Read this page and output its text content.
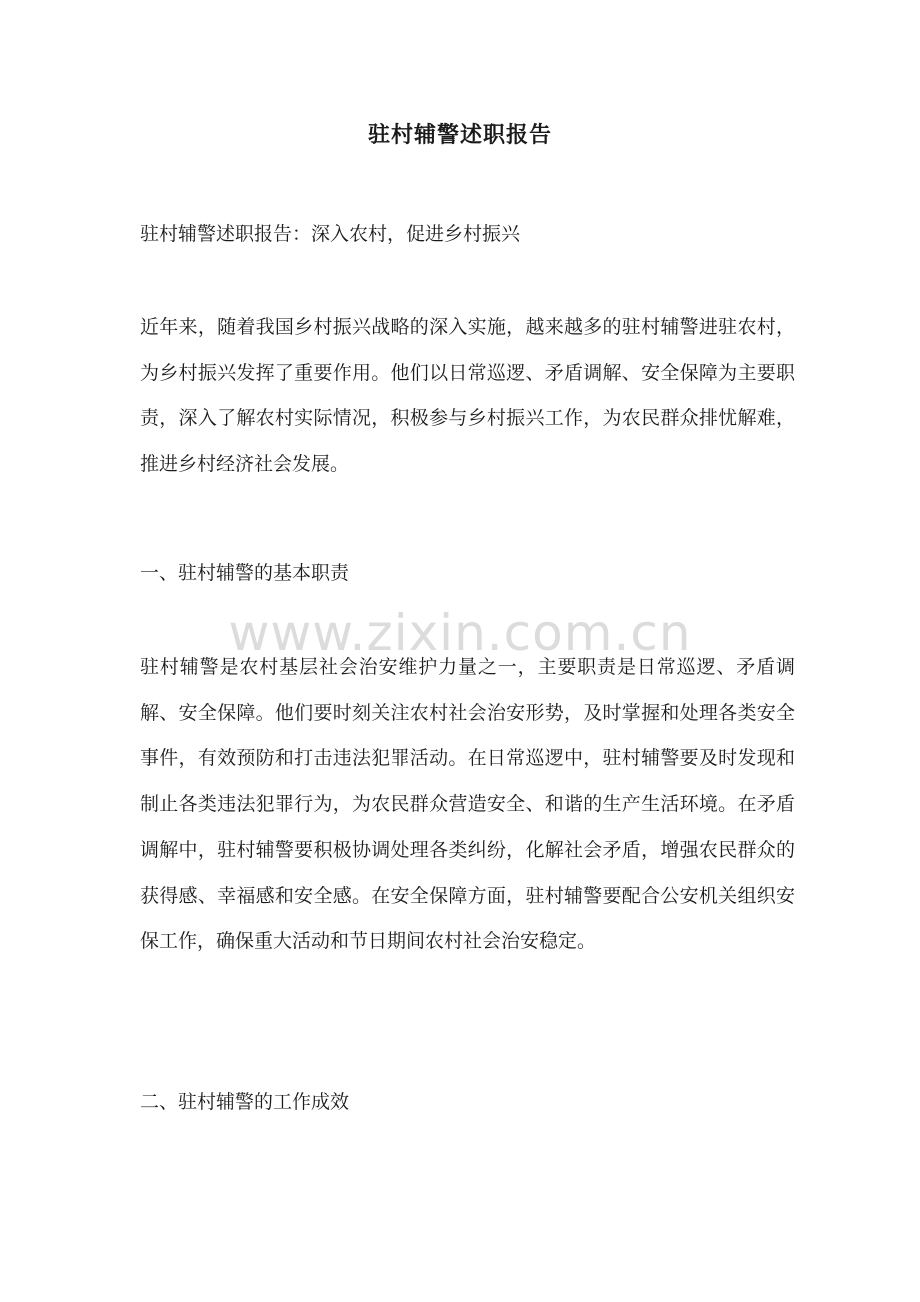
驻村辅警述职报告
驻村辅警述职报告：深入农村，促进乡村振兴
近年来，随着我国乡村振兴战略的深入实施，越来越多的驻村辅警进驻农村，为乡村振兴发挥了重要作用。他们以日常巡逻、矛盾调解、安全保障为主要职责，深入了解农村实际情况，积极参与乡村振兴工作，为农民群众排忧解难，推进乡村经济社会发展。
一、驻村辅警的基本职责
www.zixin.com.cn
驻村辅警是农村基层社会治安维护力量之一，主要职责是日常巡逻、矛盾调解、安全保障。他们要时刻关注农村社会治安形势，及时掌握和处理各类安全事件，有效预防和打击违法犯罪活动。在日常巡逻中，驻村辅警要及时发现和制止各类违法犯罪行为，为农民群众营造安全、和谐的生产生活环境。在矛盾调解中，驻村辅警要积极协调处理各类纠纷，化解社会矛盾，增强农民群众的获得感、幸福感和安全感。在安全保障方面，驻村辅警要配合公安机关组织安保工作，确保重大活动和节日期间农村社会治安稳定。
二、驻村辅警的工作成效
